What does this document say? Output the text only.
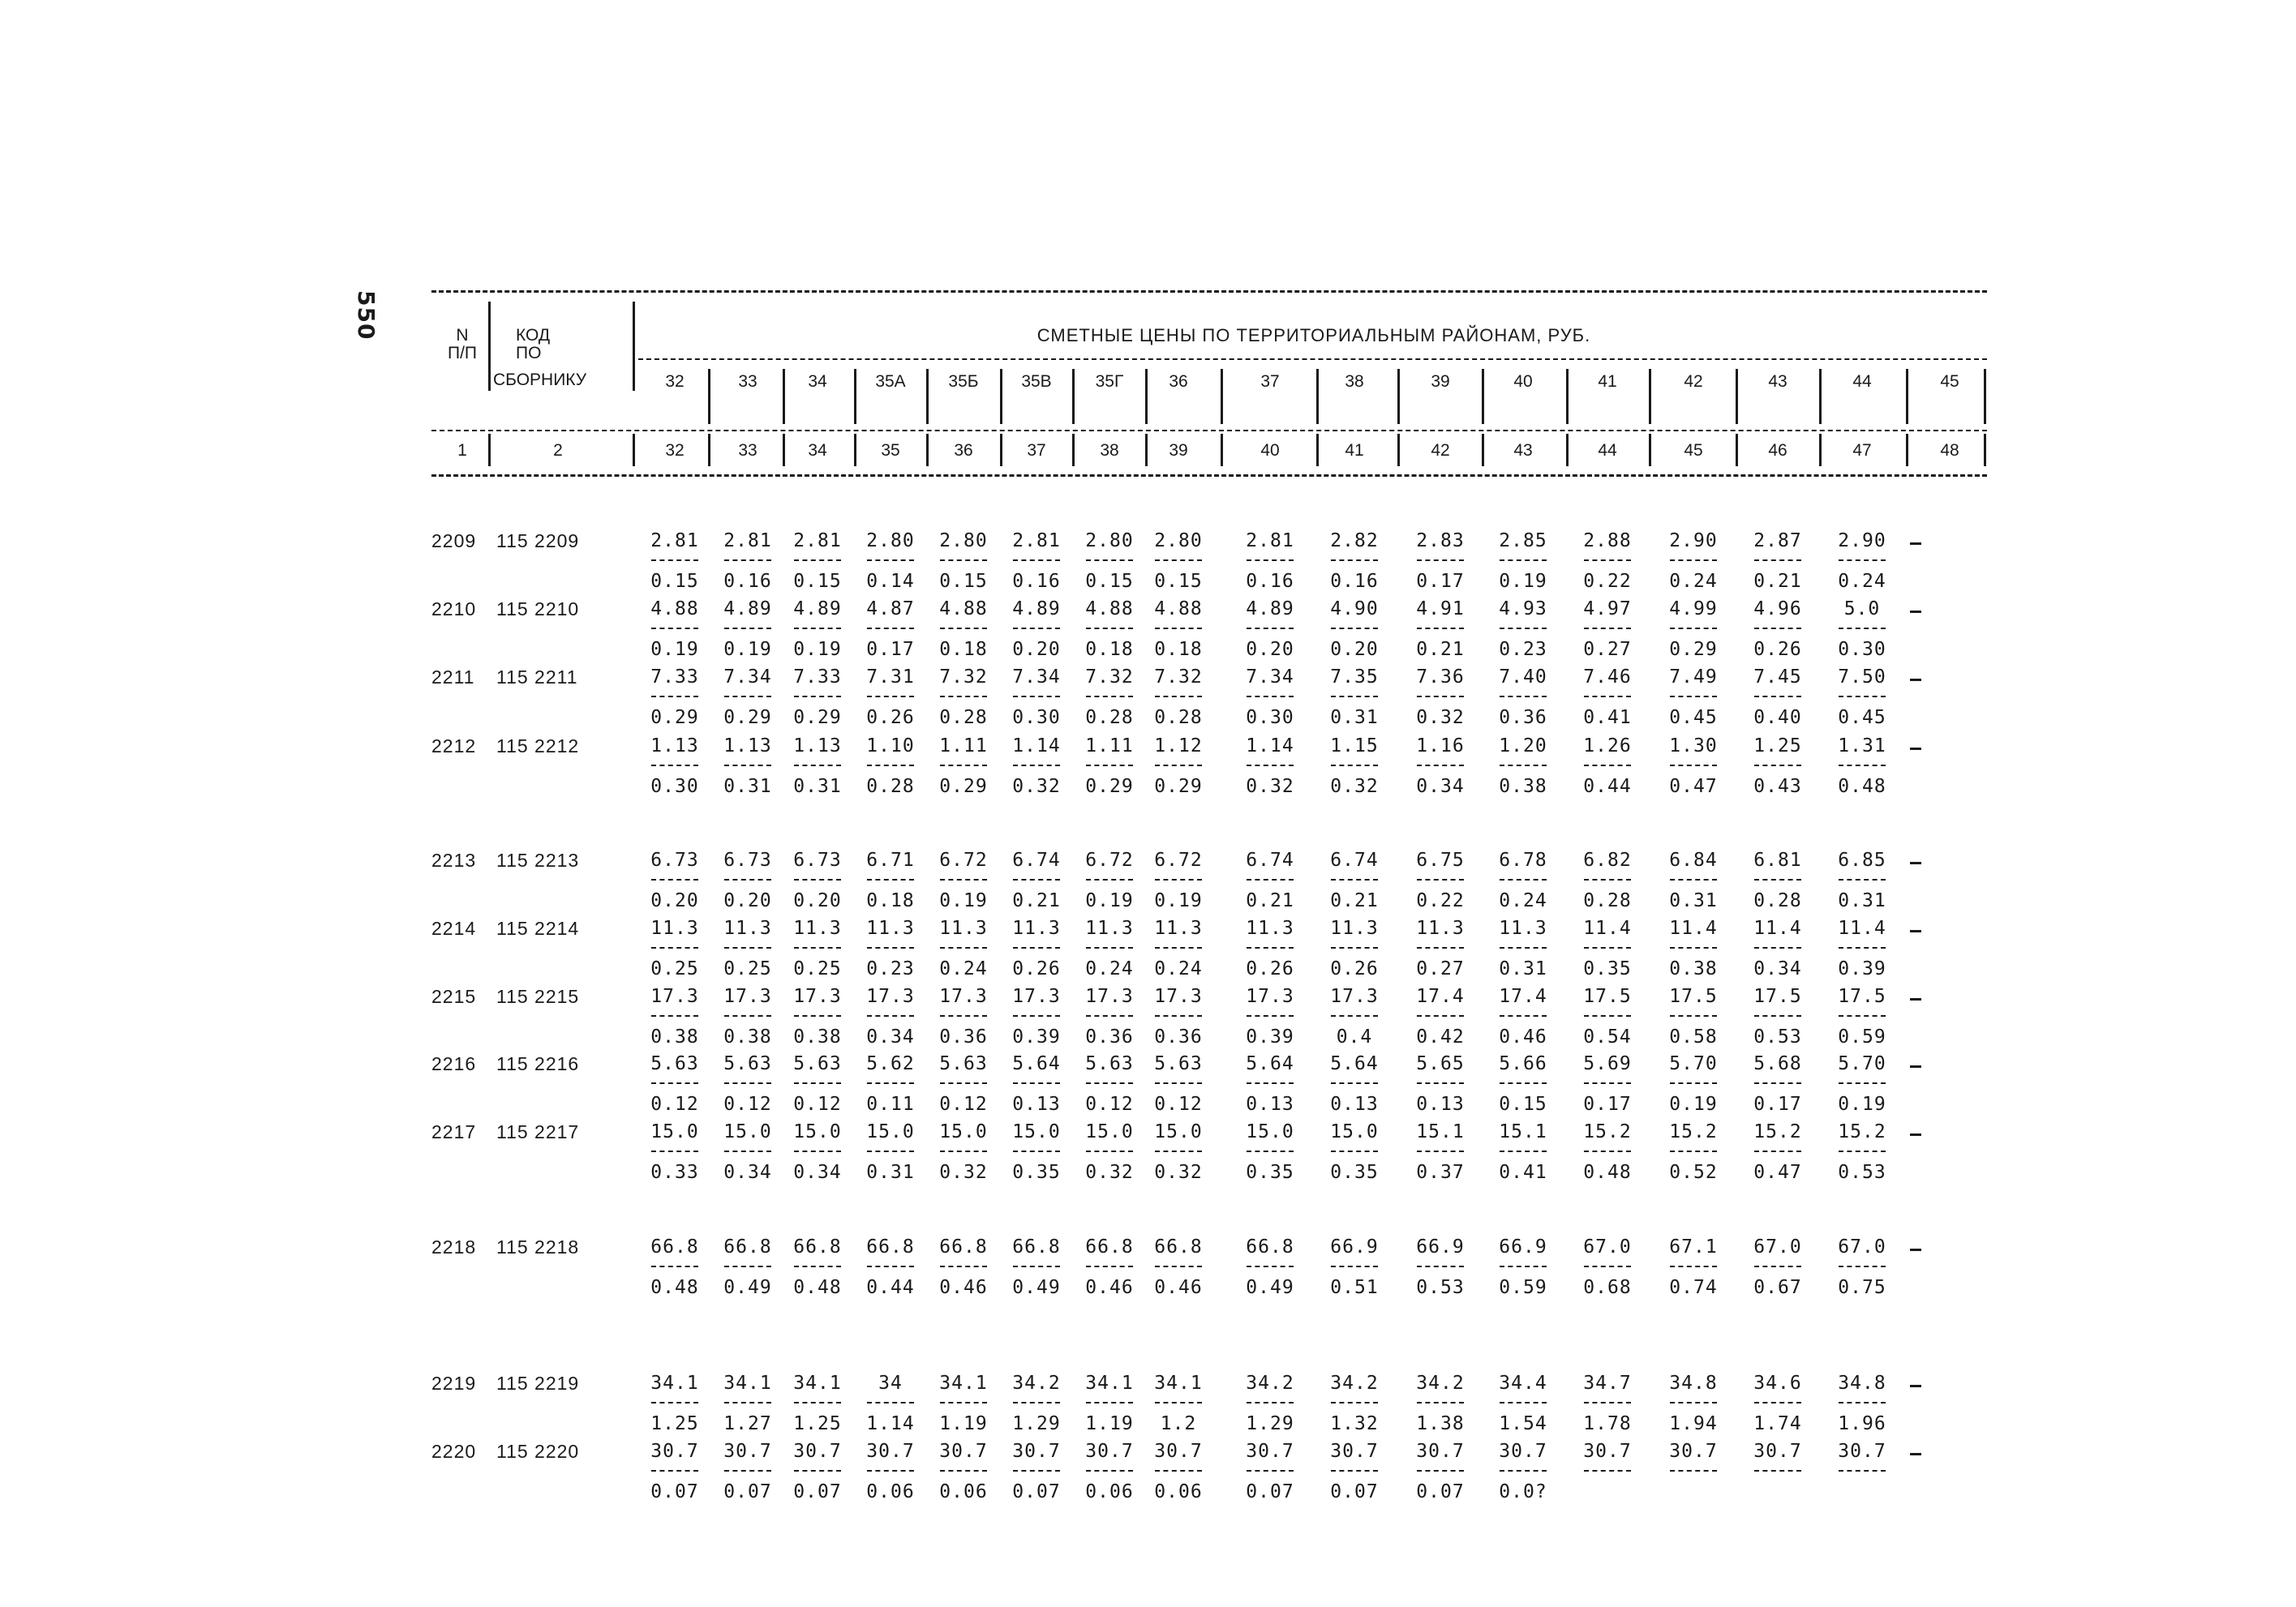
550	N
П/П
КОД
ПО
СБОРНИКУ
1	2
СМЕТНЫЕ ЦЕНЫ ПО ТЕРРИТОРИАЛЬНЫМ РАЙОНАМ, РУБ.
32	33	34	35А	35Б	35В	35Г	36	37	38	39	40	41	42	43	44	45
32	33	34	35	36	37	38	39	40	41	42	43	44	45	46	47	48
2209 115 2209	2.81	2.81	2.81	2.80	2.80	2.81	2.80	2.80	2.81	2.82	2.83	2.85	2.88	2.90	2.87	2.90
0.15	0.16	0.15	0.14	0.15	0.16	0.15	0.15	0.16	0.16	0.17	0.19	0.22	0.24	0.21	0.24
2210 115 2210	4.88	4.89	4.89	4.87	4.88	4.89	4.88	4.88	4.89	4.90	4.91	4.93	4.97	4.99	4.96	5.0
0.19	0.19	0.19	0.17	0.18	0.20	0.18	0.18	0.20	0.20	0.21	0.23	0.27	0.29	0.26	0.30
2211 115 2211	7.33	7.34	7.33	7.31	7.32	7.34	7.32	7.32	7.34	7.35	7.36	7.40	7.46	7.49	7.45	7.50
0.29	0.29	0.29	0.26	0.28	0.30	0.28	0.28	0.30	0.31	0.32	0.36	0.41	0.45	0.40	0.45
2212 115 2212	1.13	1.13	1.13	1.10	1.11	1.14	1.11	1.12	1.14	1.15	1.16	1.20	1.26	1.30	1.25	1.31
0.30	0.31	0.31	0.28	0.29	0.32	0.29	0.29	0.32	0.32	0.34	0.38	0.44	0.47	0.43	0.48
2213 115 2213	6.73	6.73	6.73	6.71	6.72	6.74	6.72	6.72	6.74	6.74	6.75	6.78	6.82	6.84	6.81	6.85
0.20	0.20	0.20	0.18	0.19	0.21	0.19	0.19	0.21	0.21	0.22	0.24	0.28	0.31	0.28	0.31
2214 115 2214	11.3	11.3	11.3	11.3	11.3	11.3	11.3	11.3	11.3	11.3	11.3	11.3	11.4	11.4	11.4	11.4
0.25	0.25	0.25	0.23	0.24	0.26	0.24	0.24	0.26	0.26	0.27	0.31	0.35	0.38	0.34	0.39
2215 115 2215	17.3	17.3	17.3	17.3	17.3	17.3	17.3	17.3	17.3	17.3	17.4	17.4	17.5	17.5	17.5	17.5
0.38	0.38	0.38	0.34	0.36	0.39	0.36	0.36	0.39	0.4	0.42	0.46	0.54	0.58	0.53	0.59
2216 115 2216	5.63	5.63	5.63	5.62	5.63	5.64	5.63	5.63	5.64	5.64	5.65	5.66	5.69	5.70	5.68	5.70
0.12	0.12	0.12	0.11	0.12	0.13	0.12	0.12	0.13	0.13	0.13	0.15	0.17	0.19	0.17	0.19
2217 115 2217	15.0	15.0	15.0	15.0	15.0	15.0	15.0	15.0	15.0	15.0	15.1	15.1	15.2	15.2	15.2	15.2
0.33	0.34	0.34	0.31	0.32	0.35	0.32	0.32	0.35	0.35	0.37	0.41	0.48	0.52	0.47	0.53
2218 115 2218	66.8	66.8	66.8	66.8	66.8	66.8	66.8	66.8	66.8	66.9	66.9	66.9	67.0	67.1	67.0	67.0
0.48	0.49	0.48	0.44	0.46	0.49	0.46	0.46	0.49	0.51	0.53	0.59	0.68	0.74	0.67	0.75
2219 115 2219	34.1	34.1	34.1	34	34.1	34.2	34.1	34.1	34.2	34.2	34.2	34.4	34.7	34.8	34.6	34.8
1.25	1.27	1.25	1.14	1.19	1.29	1.19	1.2	1.29	1.32	1.38	1.54	1.78	1.94	1.74	1.96
2220 115 2220	30.7	30.7	30.7	30.7	30.7	30.7	30.7	30.7	30.7	30.7	30.7	30.7	30.7	30.7	30.7	30.7
0.07	0.07	0.07	0.06	0.06	0.07	0.06	0.06	0.07	0.07	0.07	0.0?
